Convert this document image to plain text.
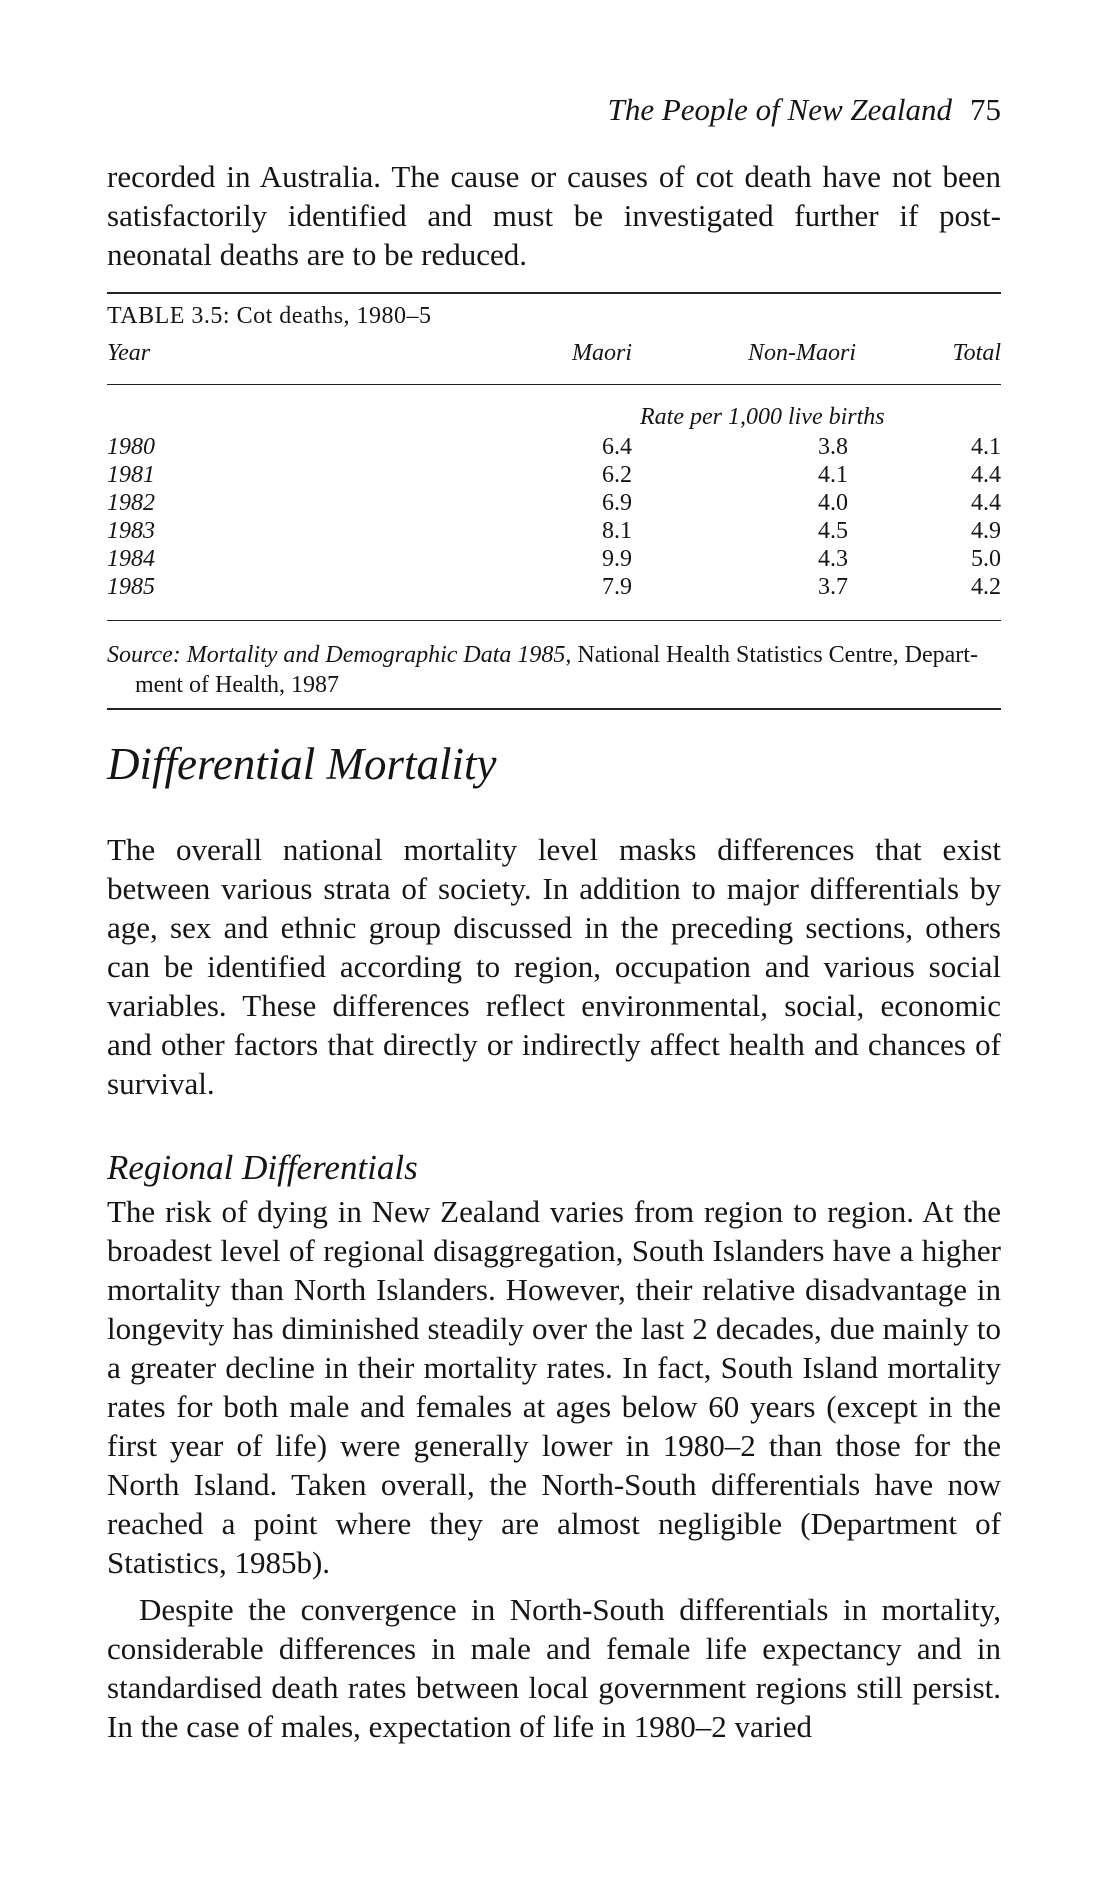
The People of New Zealand 75

recorded in Australia. The cause or causes of cot death have not been satisfactorily identified and must be investigated further if post-neonatal deaths are to be reduced.

TABLE 3.5: Cot deaths, 1980–5
Year	Maori	Non-Maori	Total
Rate per 1,000 live births
1980	6.4	3.8	4.1
1981	6.2	4.1	4.4
1982	6.9	4.0	4.4
1983	8.1	4.5	4.9
1984	9.9	4.3	5.0
1985	7.9	3.7	4.2
Source: Mortality and Demographic Data 1985, National Health Statistics Centre, Depart-
ment of Health, 1987
Differential Mortality

The overall national mortality level masks differences that exist between various strata of society. In addition to major differentials by age, sex and ethnic group discussed in the preceding sections, others can be identified according to region, occupation and various social variables. These differences reflect environmental, social, economic and other factors that directly or indirectly affect health and chances of survival.

Regional Differentials

The risk of dying in New Zealand varies from region to region. At the broadest level of regional disaggregation, South Islanders have a higher mortality than North Islanders. However, their relative disadvantage in longevity has diminished steadily over the last 2 decades, due mainly to a greater decline in their mortality rates. In fact, South Island mortality rates for both male and females at ages below 60 years (except in the first year of life) were generally lower in 1980–2 than those for the North Island. Taken overall, the North-South differentials have now reached a point where they are almost negligible (Department of Statistics, 1985b).

Despite the convergence in North-South differentials in mortality, considerable differences in male and female life expectancy and in standardised death rates between local government regions still persist. In the case of males, expectation of life in 1980–2 varied
